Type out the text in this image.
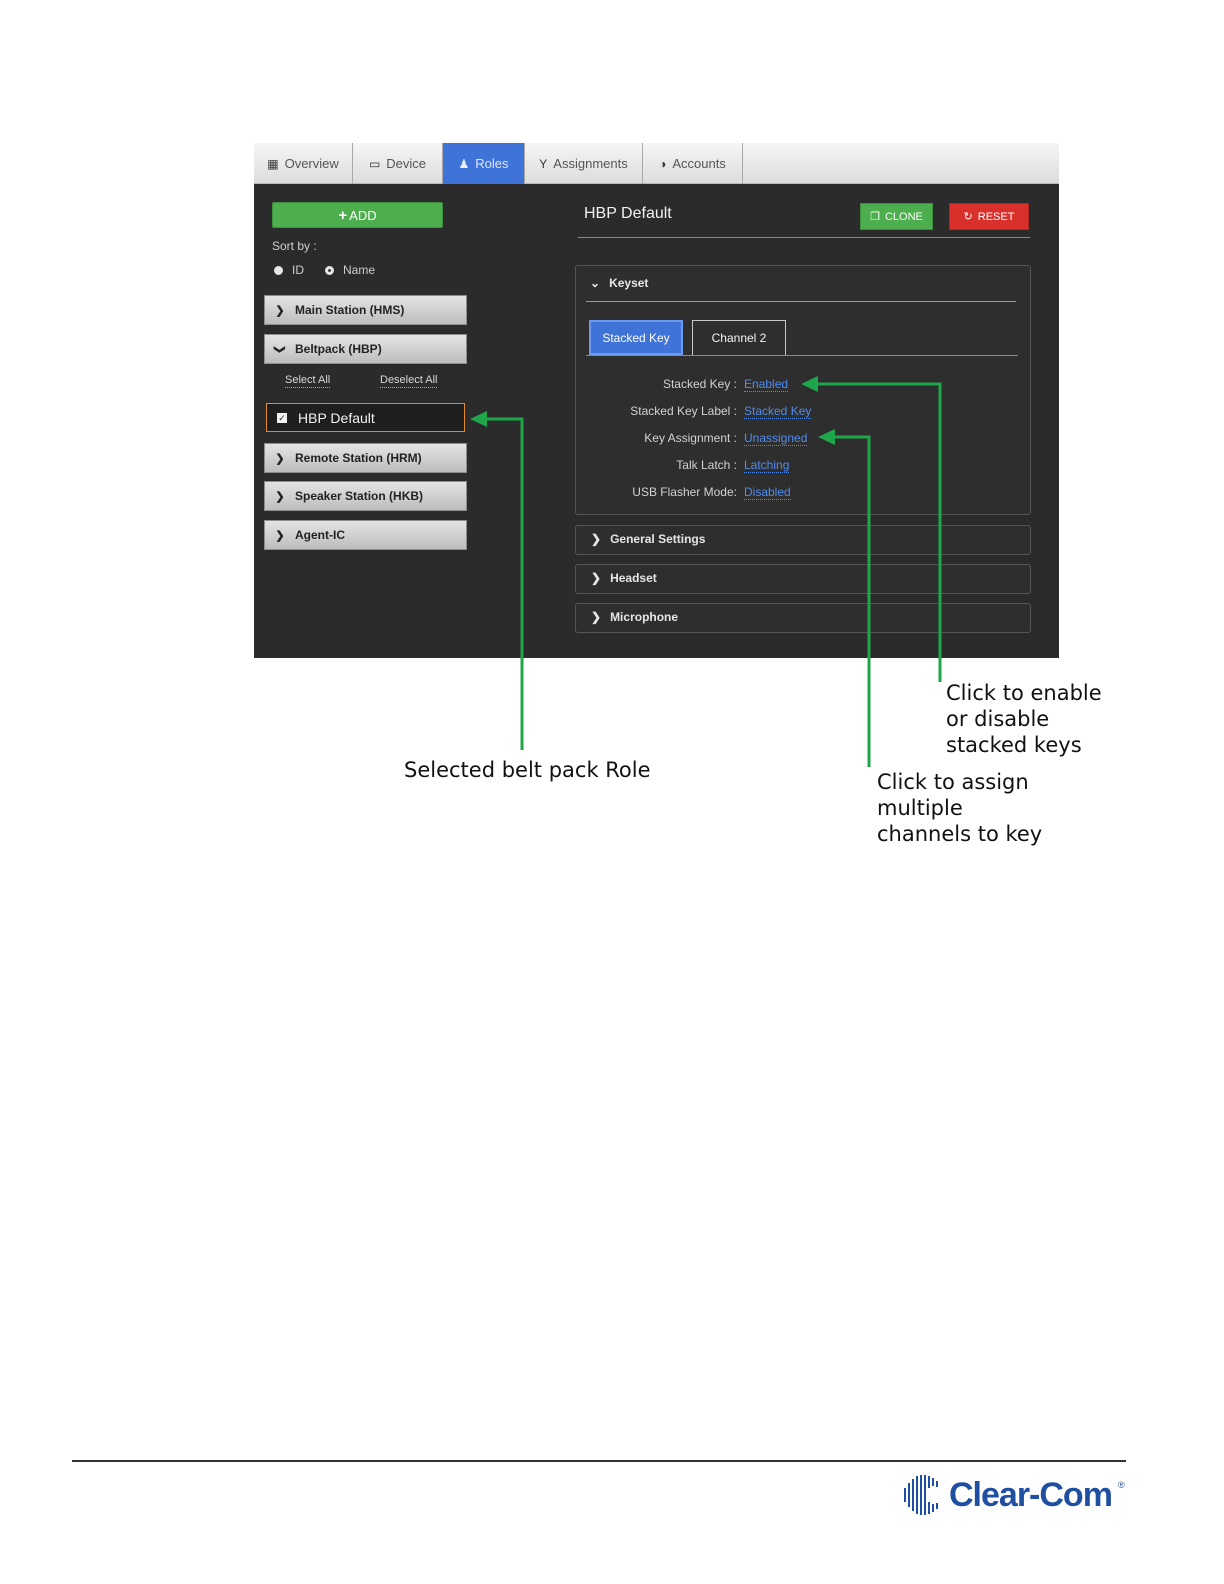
▦ Overview	▭ Device	♟ Roles	Υ Assignments	◑ Accounts
+ ADD
Sort by :
ID	Name
❯ Main Station (HMS)
❯ Beltpack (HBP)
Select All	Deselect All
✓ HBP Default
❯ Remote Station (HRM)
❯ Speaker Station (HKB)
❯ Agent-IC
HBP Default	❐ CLONE	↻ RESET
⌄ Keyset
Stacked Key	Channel 2
Stacked Key : Enabled
Stacked Key Label : Stacked Key
Key Assignment : Unassigned
Talk Latch : Latching
USB Flasher Mode: Disabled
❯ General Settings
❯ Headset
❯ Microphone
Selected belt pack Role
Click to enable
or disable
stacked keys
Click to assign
multiple
channels to key
Clear-Com ®
